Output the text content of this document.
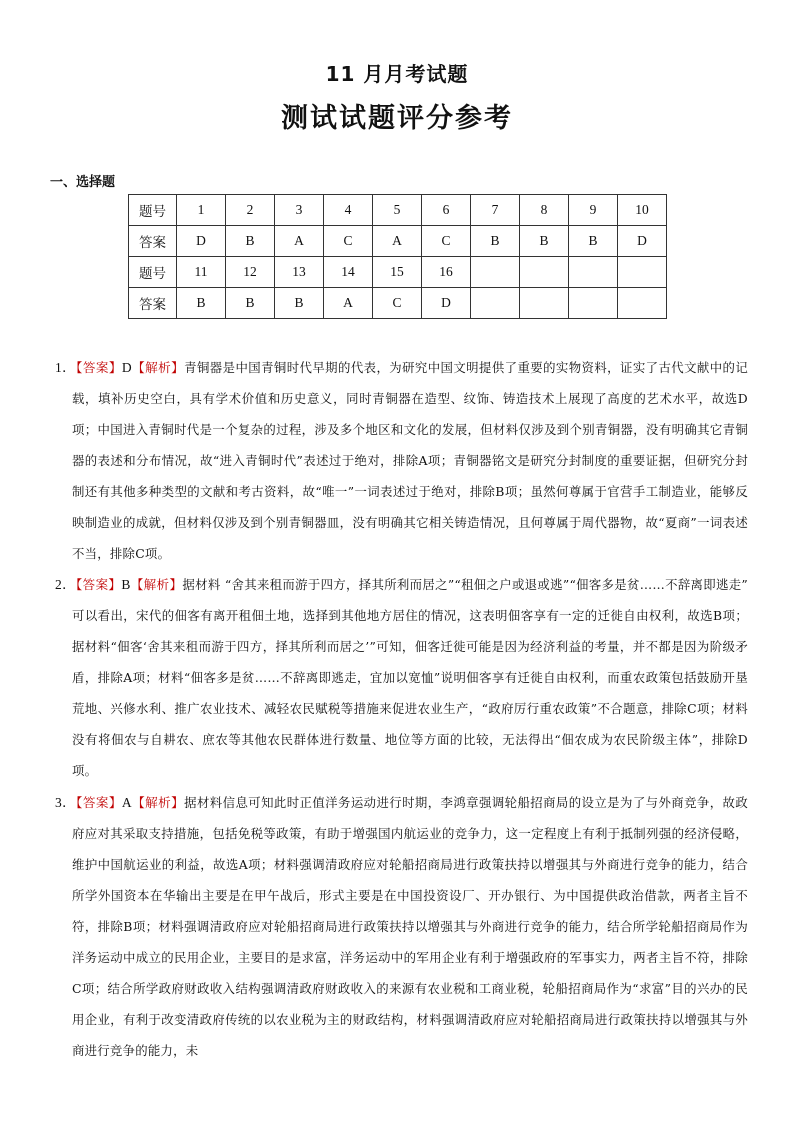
11 月月考试题
测试试题评分参考
一、选择题
题号	1	2	3	4	5	6	7	8	9	10
答案	D	B	A	C	A	C	B	B	B	D
题号	11	12	13	14	15	16				
答案	B	B	B	A	C	D				
1．【答案】D【解析】青铜器是中国青铜时代早期的代表，为研究中国文明提供了重要的实物资料，证实了古代文献中的记载，填补历史空白，具有学术价值和历史意义，同时青铜器在造型、纹饰、铸造技术上展现了高度的艺术水平，故选D项；中国进入青铜时代是一个复杂的过程，涉及多个地区和文化的发展，但材料仅涉及到个别青铜器，没有明确其它青铜器的表述和分布情况，故“进入青铜时代”表述过于绝对，排除A项；青铜器铭文是研究分封制度的重要证据，但研究分封制还有其他多种类型的文献和考古资料，故“唯一”一词表述过于绝对，排除B项；虽然何尊属于官营手工制造业，能够反映制造业的成就，但材料仅涉及到个别青铜器皿，没有明确其它相关铸造情况，且何尊属于周代器物，故“夏商”一词表述不当，排除C项。
2．【答案】B【解析】据材料 “舍其来租而游于四方，择其所利而居之”“租佃之户或退或逃”“佃客多是贫……不辞离即逃走” 可以看出，宋代的佃客有离开租佃土地，选择到其他地方居住的情况，这表明佃客享有一定的迁徙自由权利，故选B项；据材料“佃客‘舍其来租而游于四方，择其所利而居之’”可知，佃客迁徙可能是因为经济利益的考量，并不都是因为阶级矛盾，排除A项；材料“佃客多是贫……不辞离即逃走，宜加以宽恤”说明佃客享有迁徙自由权利，而重农政策包括鼓励开垦荒地、兴修水利、推广农业技术、减轻农民赋税等措施来促进农业生产，“政府厉行重农政策”不合题意，排除C项；材料没有将佃农与自耕农、庶农等其他农民群体进行数量、地位等方面的比较，无法得出“佃农成为农民阶级主体”，排除D项。
3．【答案】A【解析】据材料信息可知此时正值洋务运动进行时期，李鸿章强调轮船招商局的设立是为了与外商竞争，故政府应对其采取支持措施，包括免税等政策，有助于增强国内航运业的竞争力，这一定程度上有利于抵制列强的经济侵略，维护中国航运业的利益，故选A项；材料强调清政府应对轮船招商局进行政策扶持以增强其与外商进行竞争的能力，结合所学外国资本在华输出主要是在甲午战后，形式主要是在中国投资设厂、开办银行、为中国提供政治借款，两者主旨不符，排除B项；材料强调清政府应对轮船招商局进行政策扶持以增强其与外商进行竞争的能力，结合所学轮船招商局作为洋务运动中成立的民用企业，主要目的是求富，洋务运动中的军用企业有利于增强政府的军事实力，两者主旨不符，排除C项；结合所学政府财政收入结构强调清政府财政收入的来源有农业税和工商业税，轮船招商局作为“求富”目的兴办的民用企业，有利于改变清政府传统的以农业税为主的财政结构，材料强调清政府应对轮船招商局进行政策扶持以增强其与外商进行竞争的能力，未
